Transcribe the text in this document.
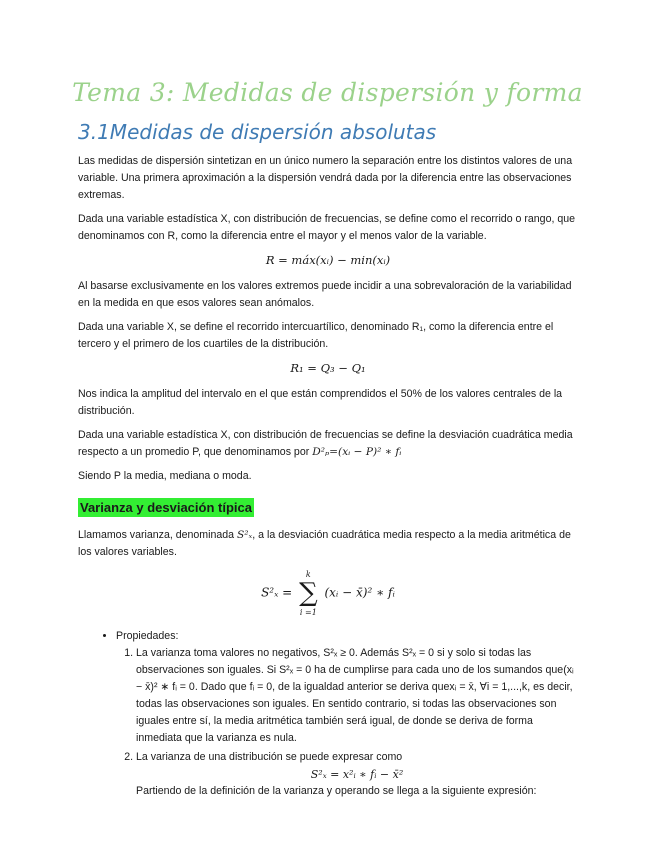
Tema 3: Medidas de dispersión y forma
3.1Medidas de dispersión absolutas

Las medidas de dispersión sintetizan en un único numero la separación entre los distintos valores de una variable. Una primera aproximación a la dispersión vendrá dada por la diferencia entre las observaciones extremas.

Dada una variable estadística X, con distribución de frecuencias, se define como el recorrido o rango, que denominamos con R, como la diferencia entre el mayor y el menos valor de la variable.

R = máx(xᵢ) − min(xᵢ)

Al basarse exclusivamente en los valores extremos puede incidir a una sobrevaloración de la variabilidad en la medida en que esos valores sean anómalos.

Dada una variable X, se define el recorrido intercuartílico, denominado R₁, como la diferencia entre el tercero y el primero de los cuartiles de la distribución.

R₁ = Q₃ − Q₁

Nos indica la amplitud del intervalo en el que están comprendidos el 50% de los valores centrales de la distribución.

Dada una variable estadística X, con distribución de frecuencias se define la desviación cuadrática media respecto a un promedio P, que denominamos por D²ₚ=(xᵢ − P)² ∗ fᵢ

Siendo P la media, mediana o moda.

Varianza y desviación típica

Llamamos varianza, denominada S²ₓ, a la desviación cuadrática media respecto a la media aritmética de los valores variables.

S²ₓ = k
∑
i =1 (xᵢ − x̄)² ∗ fᵢ
• Propiedades:
1. La varianza toma valores no negativos, S²ₓ ≥ 0. Además S²ₓ = 0 si y solo si todas las observaciones son iguales. Si S²ₓ = 0 ha de cumplirse para cada uno de los sumandos que(xᵢ − x̄)² ∗ fᵢ = 0. Dado que fᵢ = 0, de la igualdad anterior se deriva quexᵢ = x̄, ∀i = 1,...,k, es decir, todas las observaciones son iguales. En sentido contrario, si todas las observaciones son iguales entre sí, la media aritmética también será igual, de donde se deriva de forma inmediata que la varianza es nula.
2. La varianza de una distribución se puede expresar como
S²ₓ = x²ᵢ ∗ fᵢ − x̄²
Partiendo de la definición de la varianza y operando se llega a la siguiente expresión:
